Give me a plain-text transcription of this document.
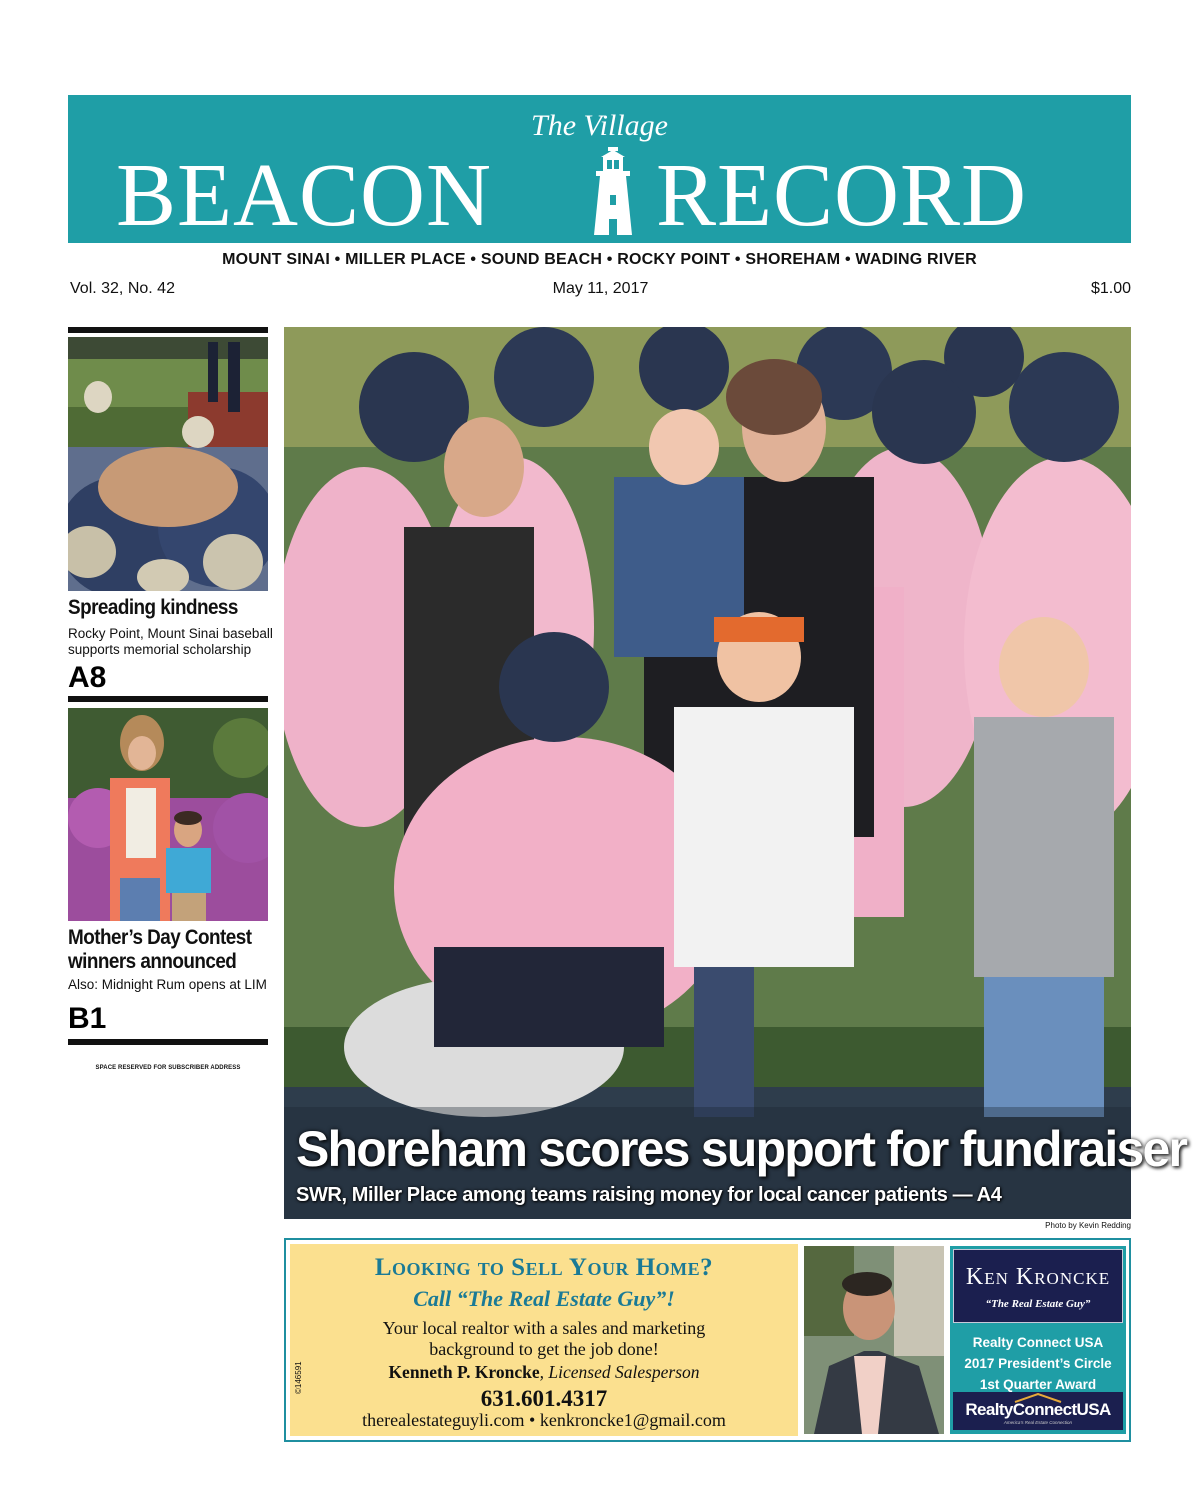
The Village
BEACON RECORD
MOUNT SINAI • MILLER PLACE • SOUND BEACH • ROCKY POINT • SHOREHAM • WADING RIVER
Vol. 32, No. 42	May 11, 2017	$1.00
Spreading kindness
Rocky Point, Mount Sinai baseball supports memorial scholarship
A8
Mother’s Day Contest winners announced
Also: Midnight Rum opens at LIM
B1
SPACE RESERVED FOR SUBSCRIBER ADDRESS
Shoreham scores support for fundraiser
SWR, Miller Place among teams raising money for local cancer patients — A4
Photo by Kevin Redding
Looking to Sell Your Home?
Call “The Real Estate Guy”!
Your local realtor with a sales and marketing
background to get the job done!
Kenneth P. Kroncke, Licensed Salesperson
631.601.4317
therealestateguyli.com • kenkroncke1@gmail.com
©146591
Ken Kroncke
“The Real Estate Guy”
Realty Connect USA
2017 President’s Circle
1st Quarter Award
RealtyConnectUSA
America's Real Estate Connection
